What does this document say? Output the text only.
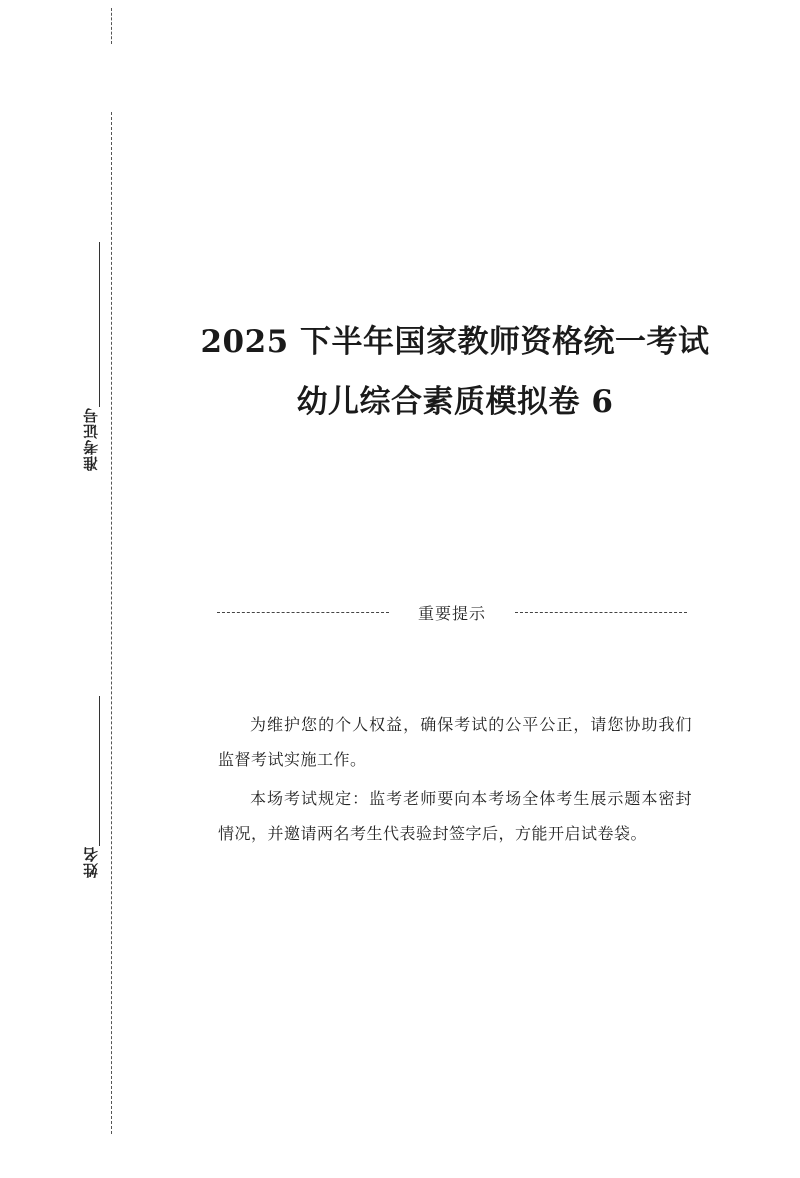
准考证号
姓名
2025 下半年国家教师资格统一考试
幼儿综合素质模拟卷 6
重要提示

为维护您的个人权益，确保考试的公平公正，请您协助我们监督考试实施工作。

本场考试规定：监考老师要向本考场全体考生展示题本密封情况，并邀请两名考生代表验封签字后，方能开启试卷袋。
